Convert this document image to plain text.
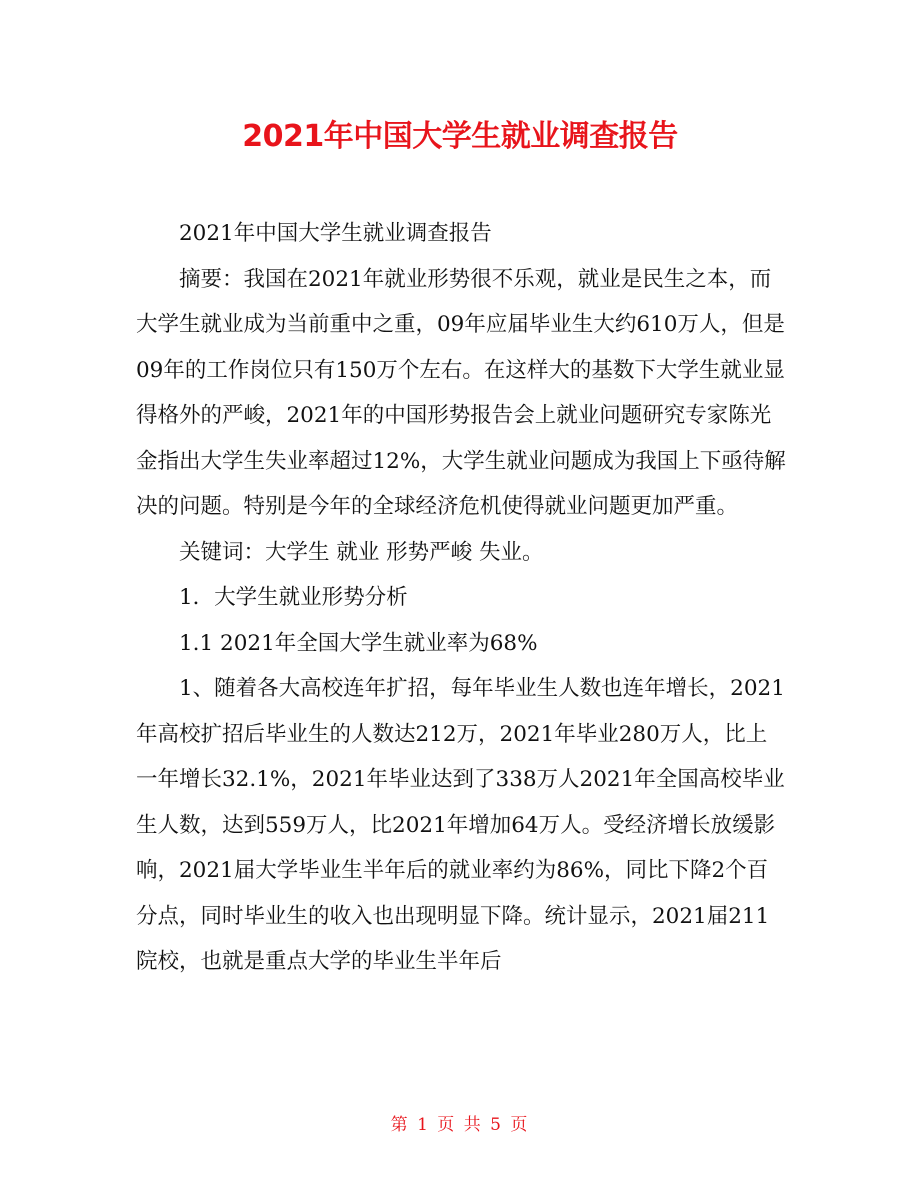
2021年中国大学生就业调查报告

2021年中国大学生就业调查报告

摘要：我国在2021年就业形势很不乐观，就业是民生之本，而大学生就业成为当前重中之重，09年应届毕业生大约610万人，但是09年的工作岗位只有150万个左右。在这样大的基数下大学生就业显得格外的严峻，2021年的中国形势报告会上就业问题研究专家陈光金指出大学生失业率超过12%，大学生就业问题成为我国上下亟待解决的问题。特别是今年的全球经济危机使得就业问题更加严重。

关键词：大学生 就业 形势严峻 失业。

1．大学生就业形势分析

1.1 2021年全国大学生就业率为68%

1、随着各大高校连年扩招，每年毕业生人数也连年增长，2021年高校扩招后毕业生的人数达212万，2021年毕业280万人，比上一年增长32.1%，2021年毕业达到了338万人2021年全国高校毕业生人数，达到559万人，比2021年增加64万人。受经济增长放缓影响，2021届大学毕业生半年后的就业率约为86%，同比下降2个百分点，同时毕业生的收入也出现明显下降。统计显示，2021届211院校，也就是重点大学的毕业生半年后

第 1 页 共 5 页
